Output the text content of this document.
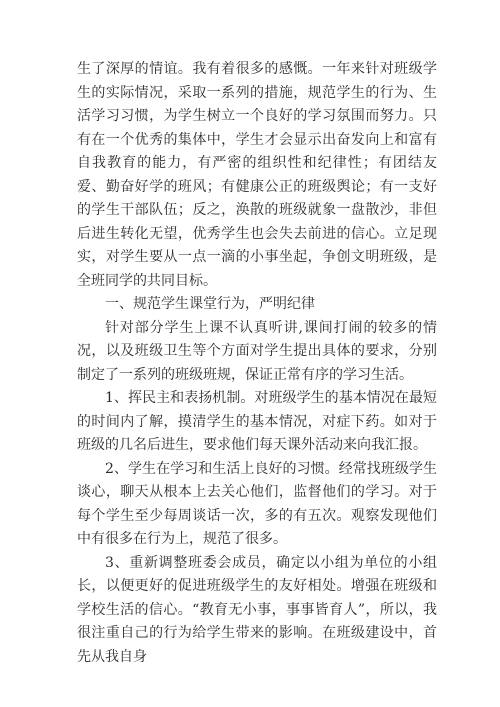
生了深厚的情谊。我有着很多的感慨。一年来针对班级学生的实际情况，采取一系列的措施，规范学生的行为、生活学习习惯，为学生树立一个良好的学习氛围而努力。只有在一个优秀的集体中，学生才会显示出奋发向上和富有自我教育的能力，有严密的组织性和纪律性；有团结友爱、勤奋好学的班风；有健康公正的班级舆论；有一支好的学生干部队伍；反之，涣散的班级就象一盘散沙，非但后进生转化无望，优秀学生也会失去前进的信心。立足现实，对学生要从一点一滴的小事坐起，争创文明班级，是全班同学的共同目标。

一、规范学生课堂行为，严明纪律

针对部分学生上课不认真听讲,课间打闹的较多的情况，以及班级卫生等个方面对学生提出具体的要求，分别制定了一系列的班级班规，保证正常有序的学习生活。

1、挥民主和表扬机制。对班级学生的基本情况在最短的时间内了解，摸清学生的基本情况，对症下药。如对于班级的几名后进生，要求他们每天课外活动来向我汇报。

2、学生在学习和生活上良好的习惯。经常找班级学生谈心，聊天从根本上去关心他们，监督他们的学习。对于每个学生至少每周谈话一次，多的有五次。观察发现他们中有很多在行为上，规范了很多。

3、重新调整班委会成员，确定以小组为单位的小组长，以便更好的促进班级学生的友好相处。增强在班级和学校生活的信心。“教育无小事，事事皆育人”，所以，我很注重自己的行为给学生带来的影响。在班级建设中，首先从我自身
